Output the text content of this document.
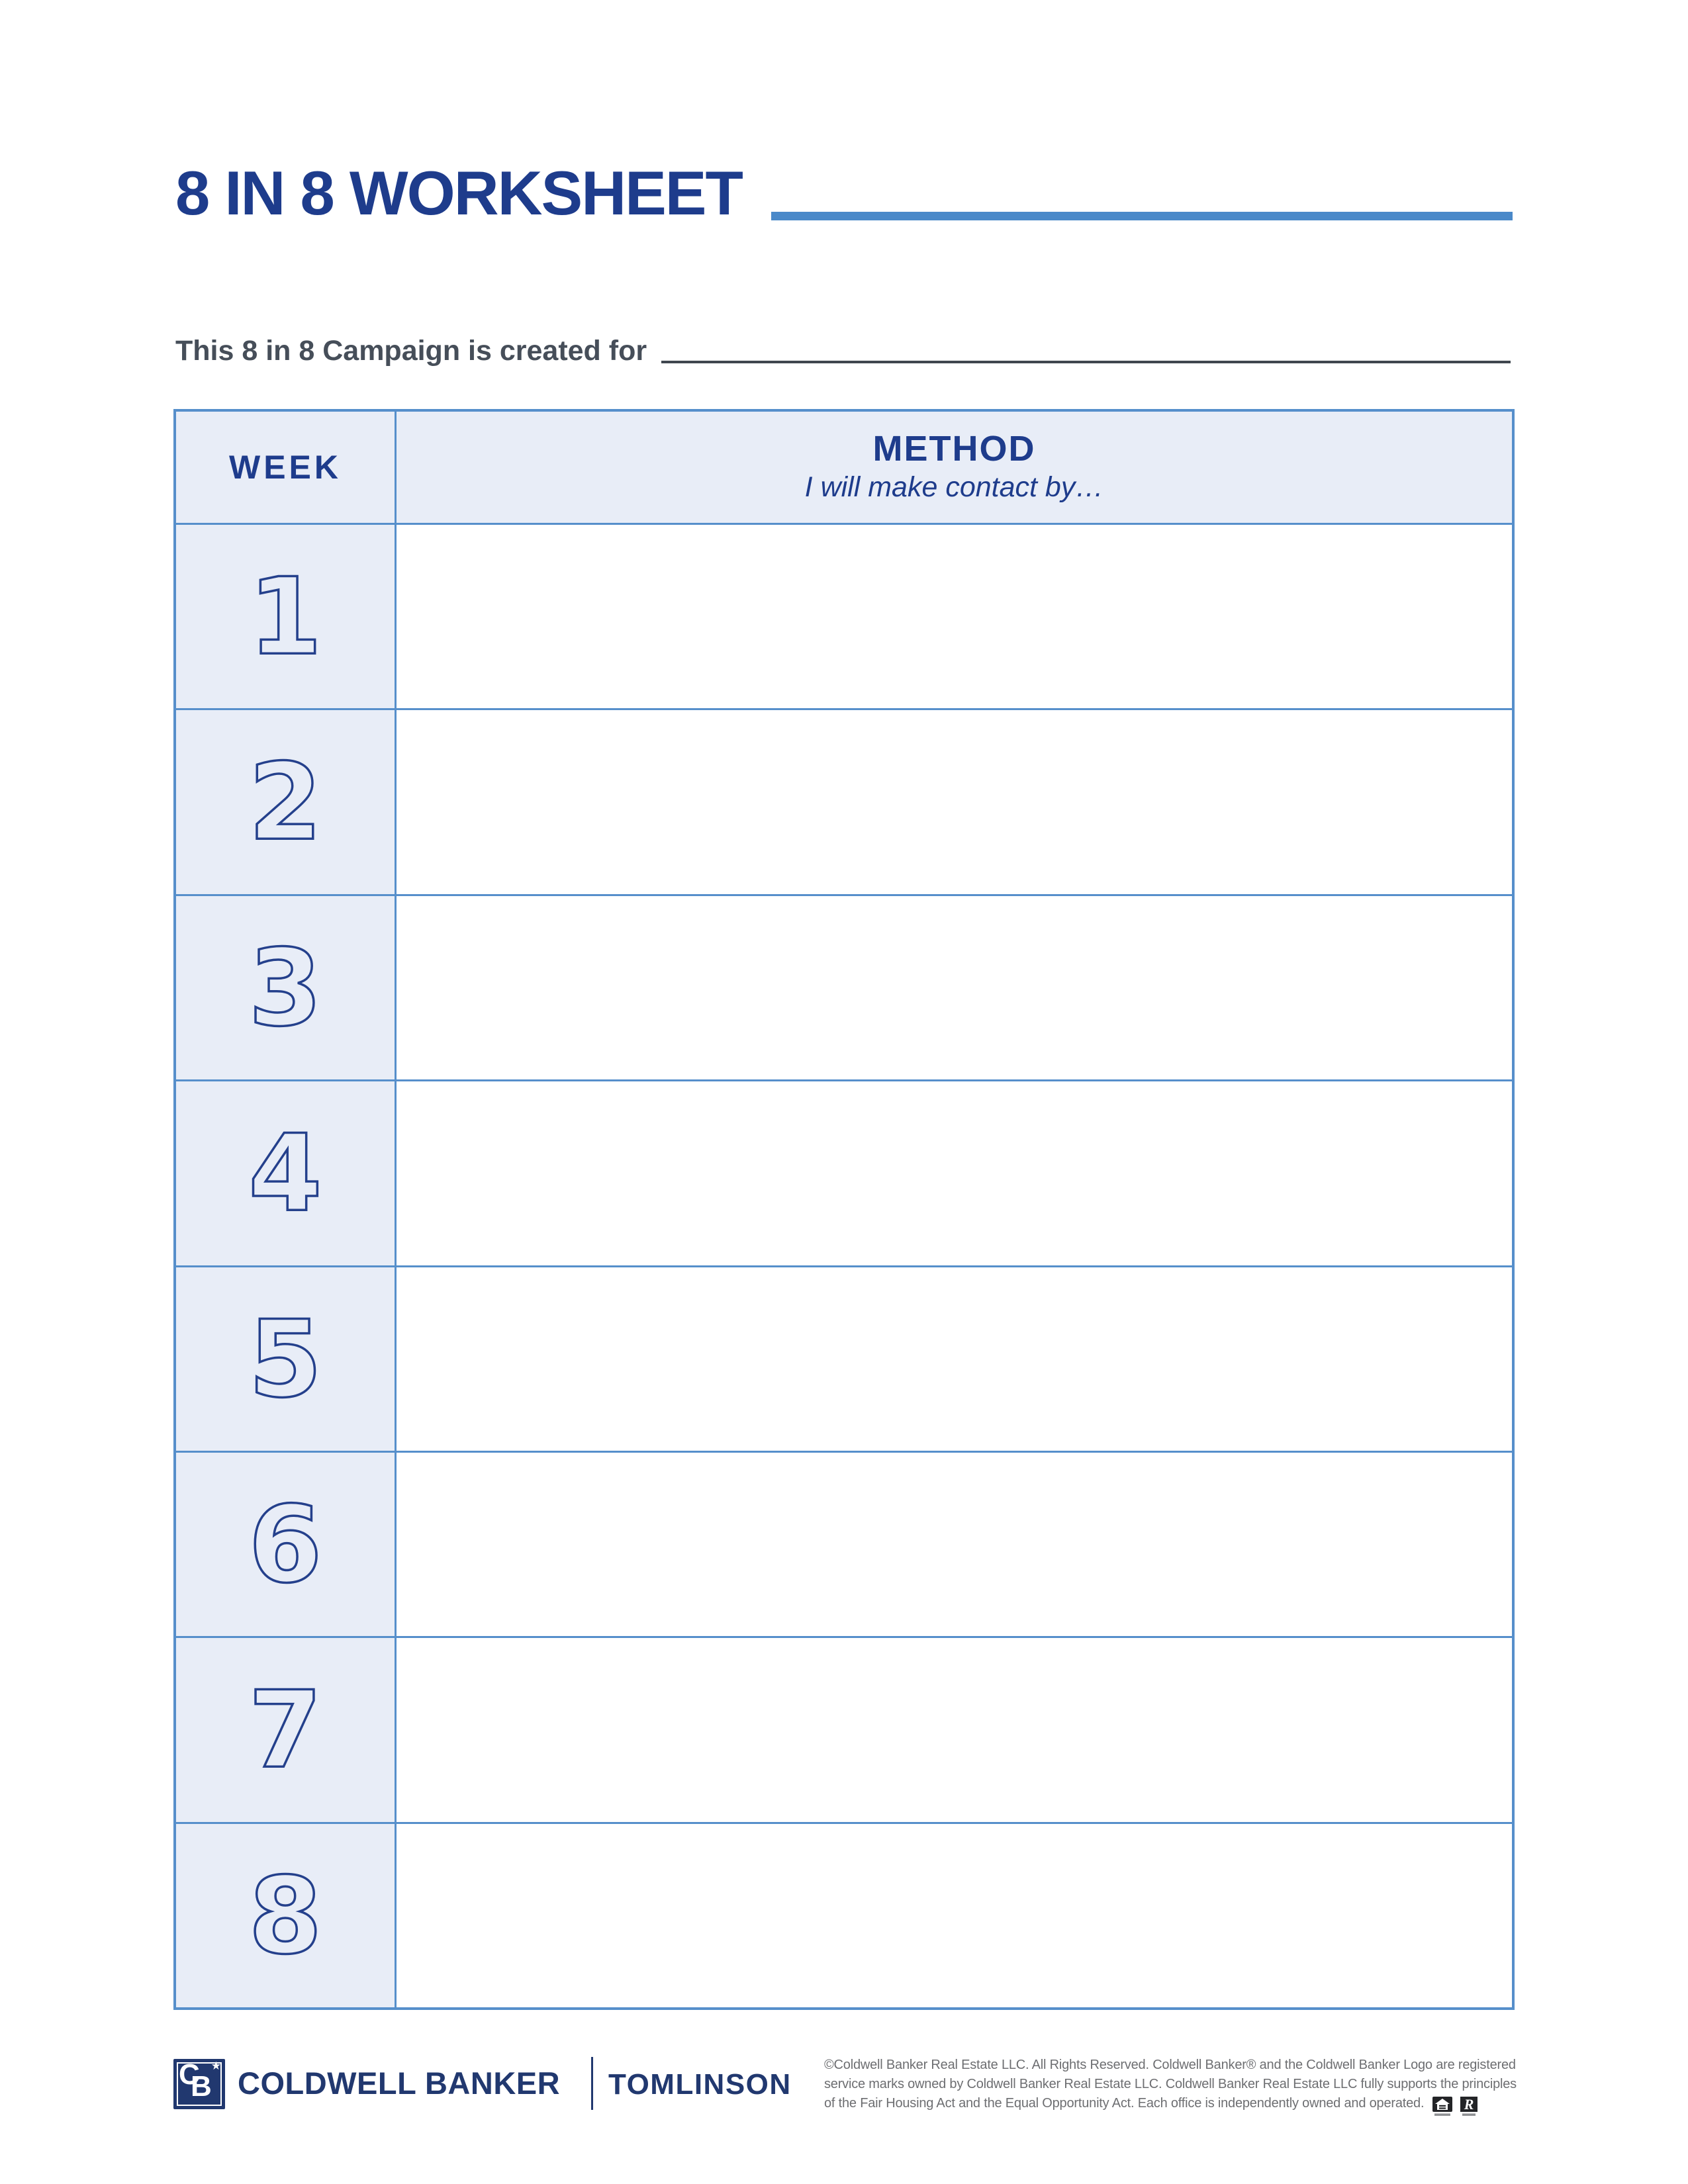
8 IN 8 WORKSHEET
This 8 in 8 Campaign is created for
WEEK	METHOD
I will make contact by…
1
2
3
4
5
6
7
8
C
B
★ COLDWELL BANKER TOMLINSON
©Coldwell Banker Real Estate LLC. All Rights Reserved. Coldwell Banker® and the Coldwell Banker Logo are registered
service marks owned by Coldwell Banker Real Estate LLC. Coldwell Banker Real Estate LLC fully supports the principles
of the Fair Housing Act and the Equal Opportunity Act. Each office is independently owned and operated.	R
